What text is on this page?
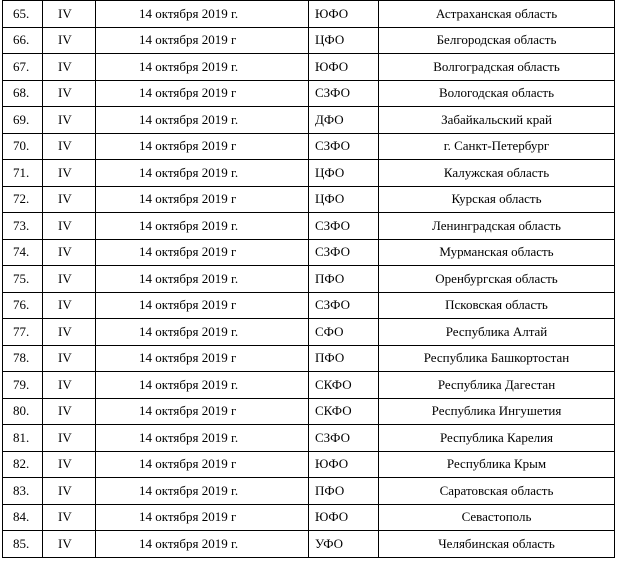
65.	IV	14 октября 2019 г.	ЮФО	Астраханская область
66.	IV	14 октября 2019 г	ЦФО	Белгородская область
67.	IV	14 октября 2019 г.	ЮФО	Волгоградская область
68.	IV	14 октября 2019 г	СЗФО	Вологодская область
69.	IV	14 октября 2019 г.	ДФО	Забайкальский край
70.	IV	14 октября 2019 г	СЗФО	г. Санкт-Петербург
71.	IV	14 октября 2019 г.	ЦФО	Калужская область
72.	IV	14 октября 2019 г	ЦФО	Курская область
73.	IV	14 октября 2019 г.	СЗФО	Ленинградская область
74.	IV	14 октября 2019 г	СЗФО	Мурманская область
75.	IV	14 октября 2019 г.	ПФО	Оренбургская область
76.	IV	14 октября 2019 г	СЗФО	Псковская область
77.	IV	14 октября 2019 г.	СФО	Республика Алтай
78.	IV	14 октября 2019 г	ПФО	Республика Башкортостан
79.	IV	14 октября 2019 г.	СКФО	Республика Дагестан
80.	IV	14 октября 2019 г	СКФО	Республика Ингушетия
81.	IV	14 октября 2019 г.	СЗФО	Республика Карелия
82.	IV	14 октября 2019 г	ЮФО	Республика Крым
83.	IV	14 октября 2019 г.	ПФО	Саратовская область
84.	IV	14 октября 2019 г	ЮФО	Севастополь
85.	IV	14 октября 2019 г.	УФО	Челябинская область
